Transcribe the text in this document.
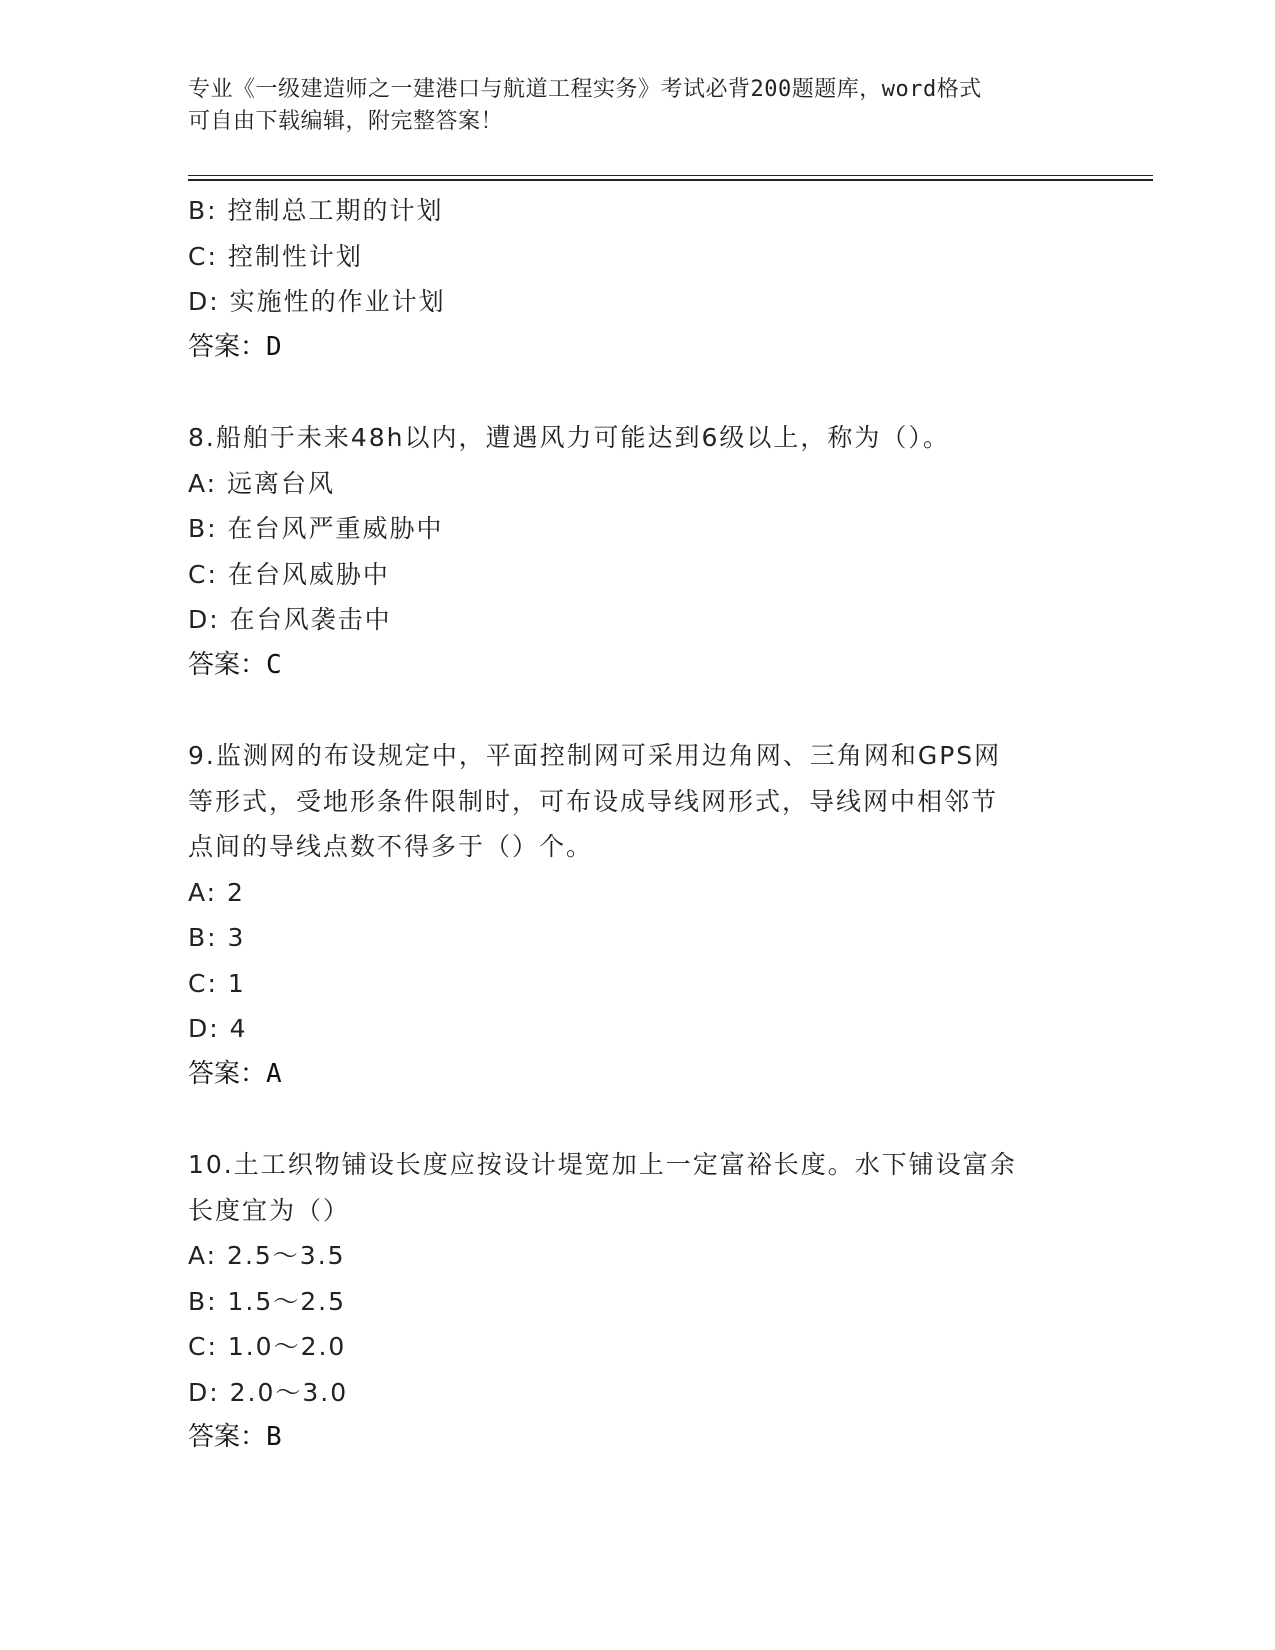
专业《一级建造师之一建港口与航道工程实务》考试必背200题题库，word格式
可自由下载编辑，附完整答案！
B: 控制总工期的计划
C: 控制性计划
D: 实施性的作业计划
答案：D
8.船舶于未来48h以内，遭遇风力可能达到6级以上，称为（）。
A: 远离台风
B: 在台风严重威胁中
C: 在台风威胁中
D: 在台风袭击中
答案：C
9.监测网的布设规定中，平面控制网可采用边角网、三角网和GPS网
等形式，受地形条件限制时，可布设成导线网形式，导线网中相邻节
点间的导线点数不得多于（）个。
A: 2
B: 3
C: 1
D: 4
答案：A
10.土工织物铺设长度应按设计堤宽加上一定富裕长度。水下铺设富余
长度宜为（）
A: 2.5～3.5
B: 1.5～2.5
C: 1.0～2.0
D: 2.0～3.0
答案：B
